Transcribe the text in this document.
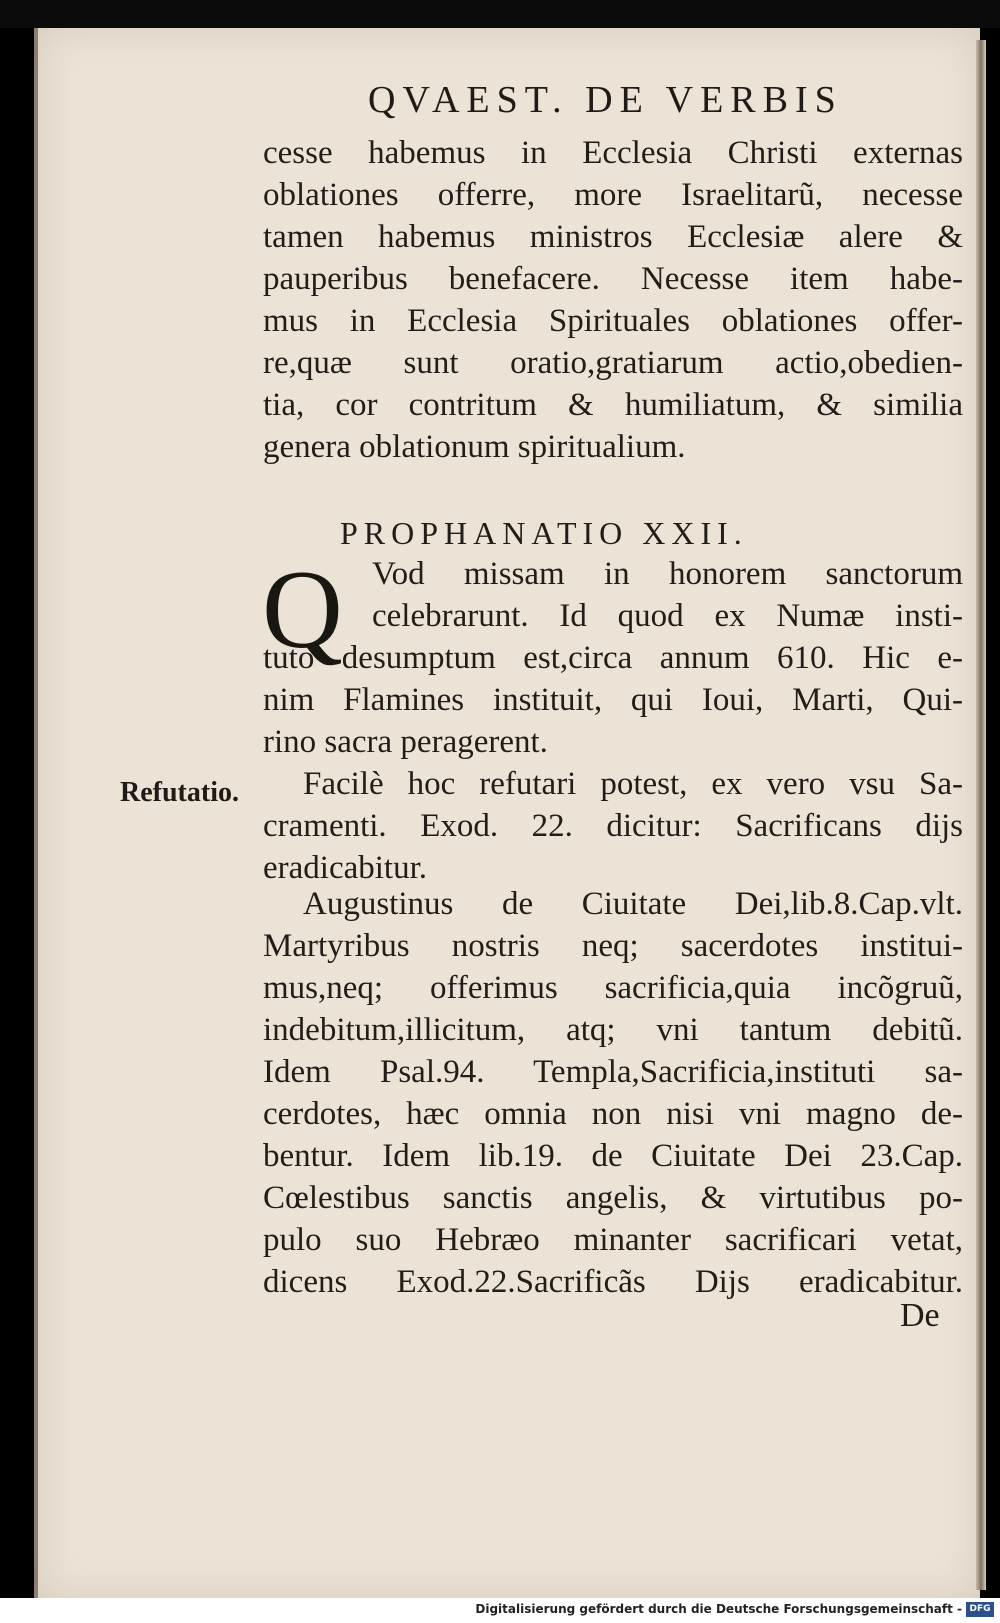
QVAEST. DE VERBIS
cesse habemus in Ecclesia Christi externas
oblationes offerre, more Israelitarũ, necesse
tamen habemus ministros Ecclesiæ alere &
pauperibus benefacere. Necesse item habe-
mus in Ecclesia Spirituales oblationes offer-
re,quæ sunt oratio,gratiarum actio,obedien-
tia, cor contritum & humiliatum, & similia
genera oblationum spiritualium.
PROPHANATIO XXII.
Q Vod missam in honorem sanctorum
celebrarunt. Id quod ex Numæ insti-
tuto desumptum est,circa annum 610. Hic e-
nim Flamines instituit, qui Ioui, Marti, Qui-
rino sacra peragerent.
Refutatio.	Facilè hoc refutari potest, ex vero vsu Sa-
cramenti. Exod. 22. dicitur: Sacrificans dijs
eradicabitur.
Augustinus de Ciuitate Dei,lib.8.Cap.vlt.
Martyribus nostris neq; sacerdotes institui-
mus,neq; offerimus sacrificia,quia incõgruũ,
indebitum,illicitum, atq; vni tantum debitũ.
Idem Psal.94. Templa,Sacrificia,instituti sa-
cerdotes, hæc omnia non nisi vni magno de-
bentur. Idem lib.19. de Ciuitate Dei 23.Cap.
Cœlestibus sanctis angelis, & virtutibus po-
pulo suo Hebræo minanter sacrificari vetat,
dicens Exod.22.Sacrificãs Dijs eradicabitur.
De
Digitalisierung gefördert durch die Deutsche Forschungsgemeinschaft - DFG
